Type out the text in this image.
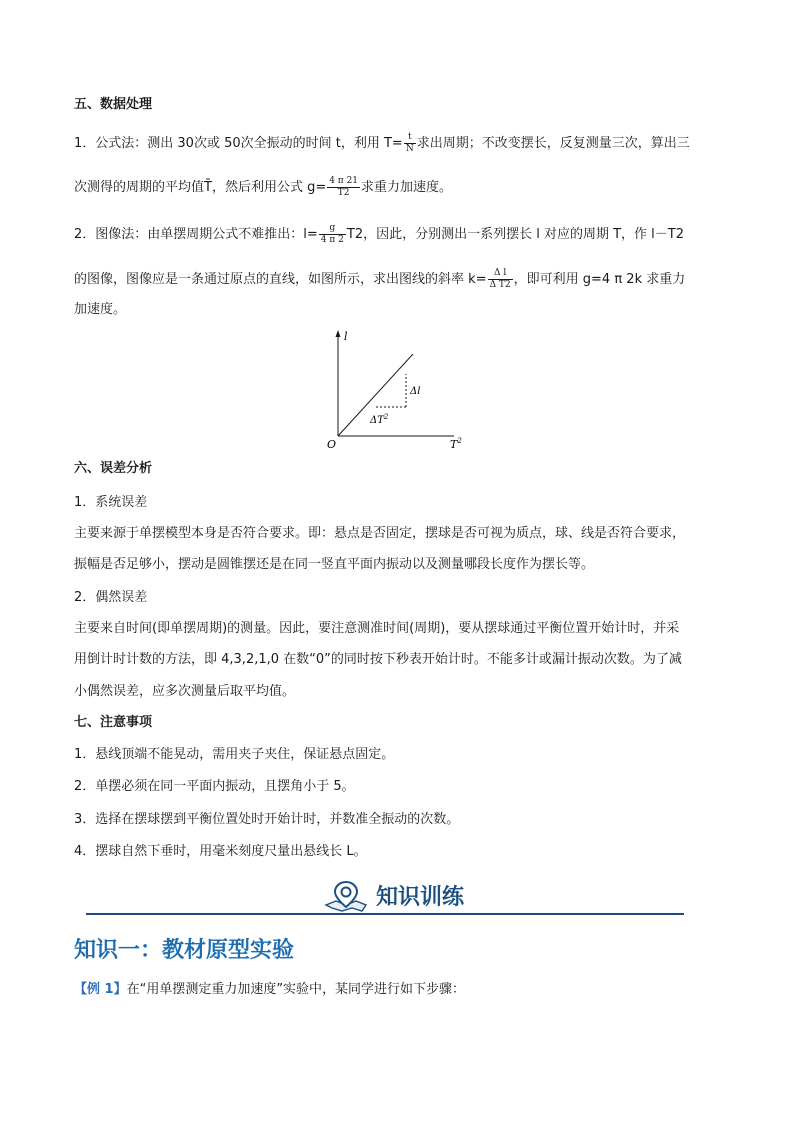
五、数据处理
1．公式法：测出 30次或 50次全振动的时间 t，利用 $T= \frac{t}{N}$ 求出周期；不改变摆长，反复测量三次，算出三
次测得的周期的平均值T̄，然后利用公式 $g= \frac{4 \pi 21}{T2}$ 求重力加速度。
2．图像法：由单摆周期公式不难推出：$l= \frac{g}{4 \pi 2} T2$，因此，分别测出一系列摆长 l 对应的周期 T，作 l－T2
的图像，图像应是一条通过原点的直线，如图所示，求出图线的斜率 $k= \frac{\text{Δ l}}{\text{Δ T2}}$ ，即可利用 g=4 π 2k 求重力
加速度。
l
O	$T^2$
Δl
$\Delta T^2$
六、误差分析
1．系统误差
主要来源于单摆模型本身是否符合要求。即：悬点是否固定，摆球是否可视为质点，球、线是否符合要求，
振幅是否足够小，摆动是圆锥摆还是在同一竖直平面内振动以及测量哪段长度作为摆长等。
2．偶然误差
主要来自时间(即单摆周期)的测量。因此，要注意测准时间(周期)，要从摆球通过平衡位置开始计时，并采
用倒计时计数的方法，即 4,3,2,1,0 在数“0”的同时按下秒表开始计时。不能多计或漏计振动次数。为了减
小偶然误差，应多次测量后取平均值。
七、注意事项
1．悬线顶端不能晃动，需用夹子夹住，保证悬点固定。
2．单摆必须在同一平面内振动，且摆角小于 5。
3．选择在摆球摆到平衡位置处时开始计时，并数准全振动的次数。
4．摆球自然下垂时，用毫米刻度尺量出悬线长 L。
知识训练
知识一：教材原型实验
【例 1】在“用单摆测定重力加速度”实验中，某同学进行如下步骤：
